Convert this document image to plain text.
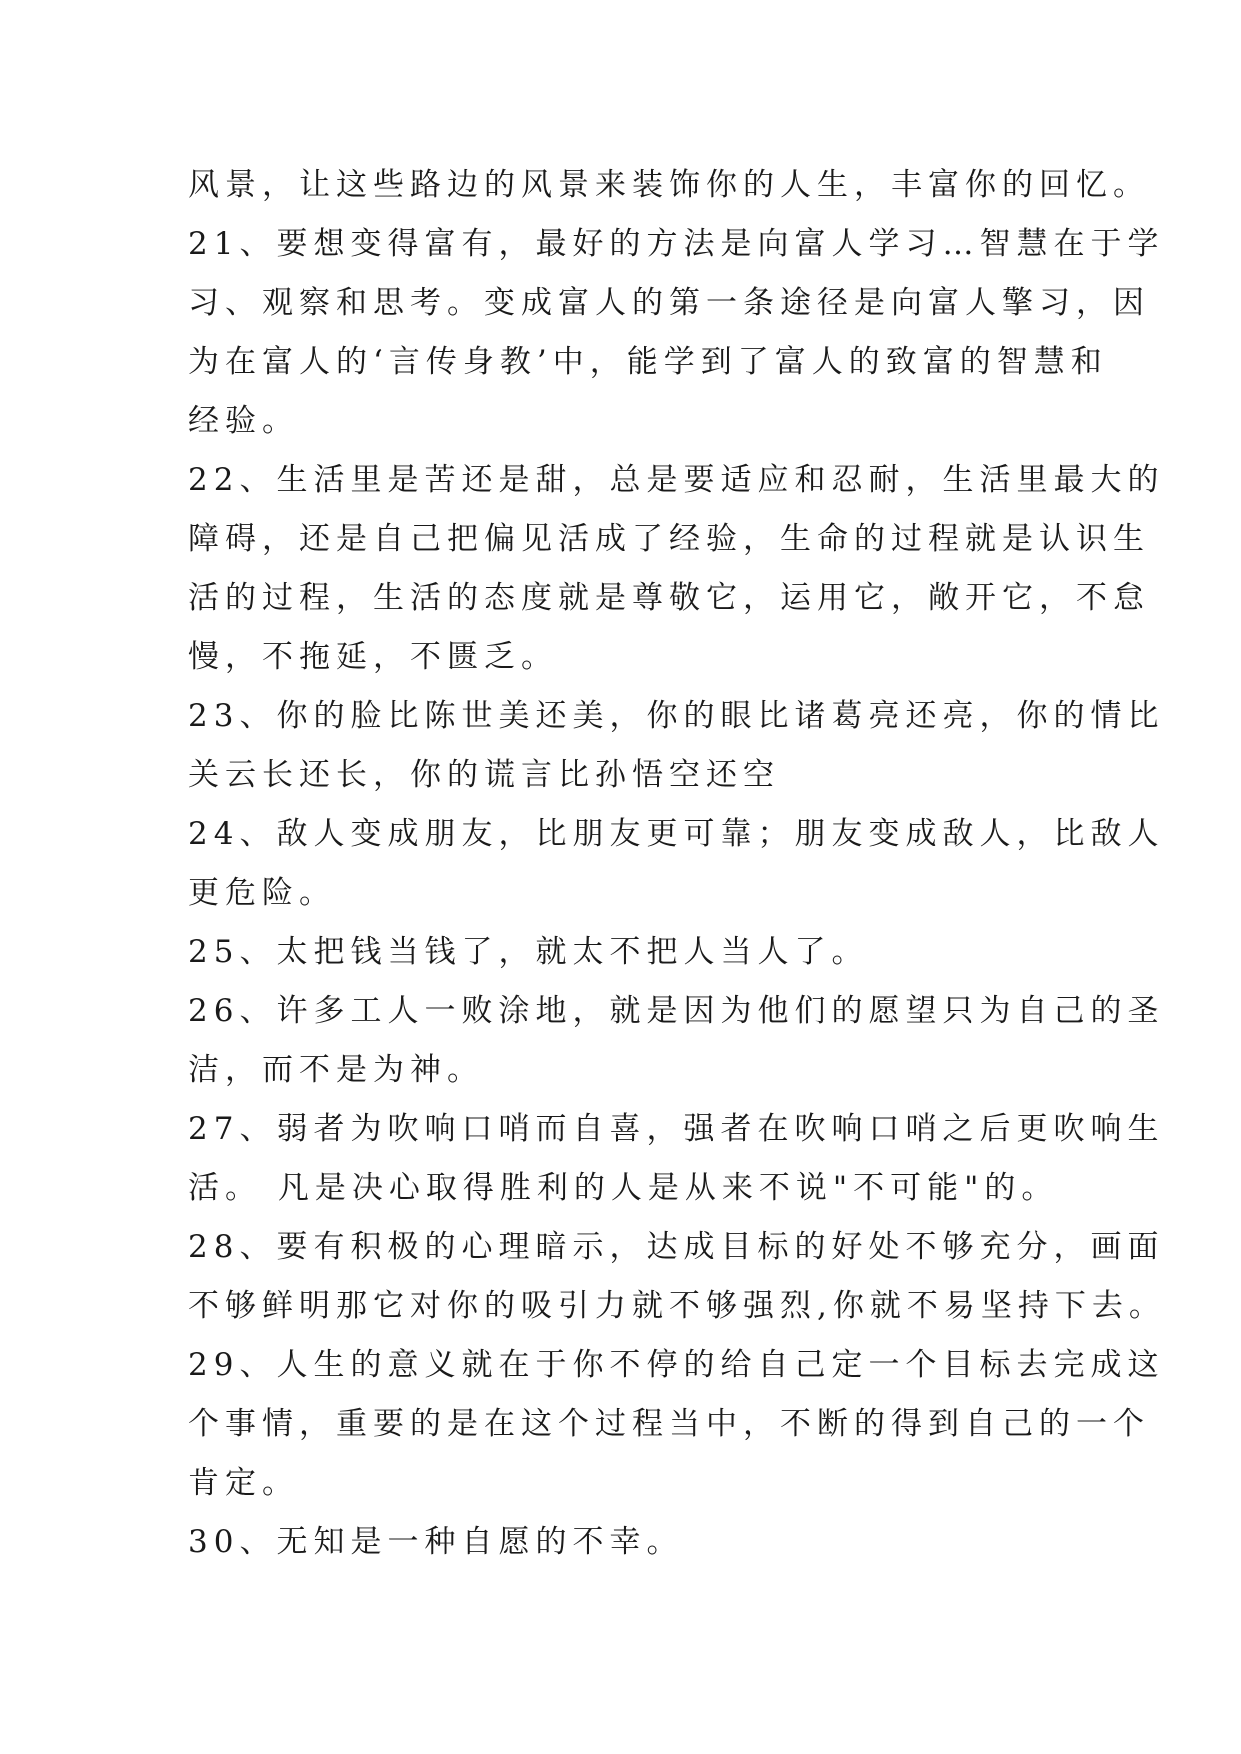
风景，让这些路边的风景来装饰你的人生，丰富你的回忆。
21、要想变得富有，最好的方法是向富人学习…智慧在于学
习、观察和思考。变成富人的第一条途径是向富人擎习，因
为在富人的‘言传身教’中，能学到了富人的致富的智慧和
经验。
22、生活里是苦还是甜，总是要适应和忍耐，生活里最大的
障碍，还是自己把偏见活成了经验，生命的过程就是认识生
活的过程，生活的态度就是尊敬它，运用它，敞开它，不怠
慢，不拖延，不匮乏。
23、你的脸比陈世美还美，你的眼比诸葛亮还亮，你的情比
关云长还长，你的谎言比孙悟空还空
24、敌人变成朋友，比朋友更可靠；朋友变成敌人，比敌人
更危险。
25、太把钱当钱了，就太不把人当人了。
26、许多工人一败涂地，就是因为他们的愿望只为自己的圣
洁，而不是为神。
27、弱者为吹响口哨而自喜，强者在吹响口哨之后更吹响生
活。 凡是决心取得胜利的人是从来不说"不可能"的。
28、要有积极的心理暗示，达成目标的好处不够充分，画面
不够鲜明那它对你的吸引力就不够强烈,你就不易坚持下去。
29、人生的意义就在于你不停的给自己定一个目标去完成这
个事情，重要的是在这个过程当中，不断的得到自己的一个
肯定。
30、无知是一种自愿的不幸。
